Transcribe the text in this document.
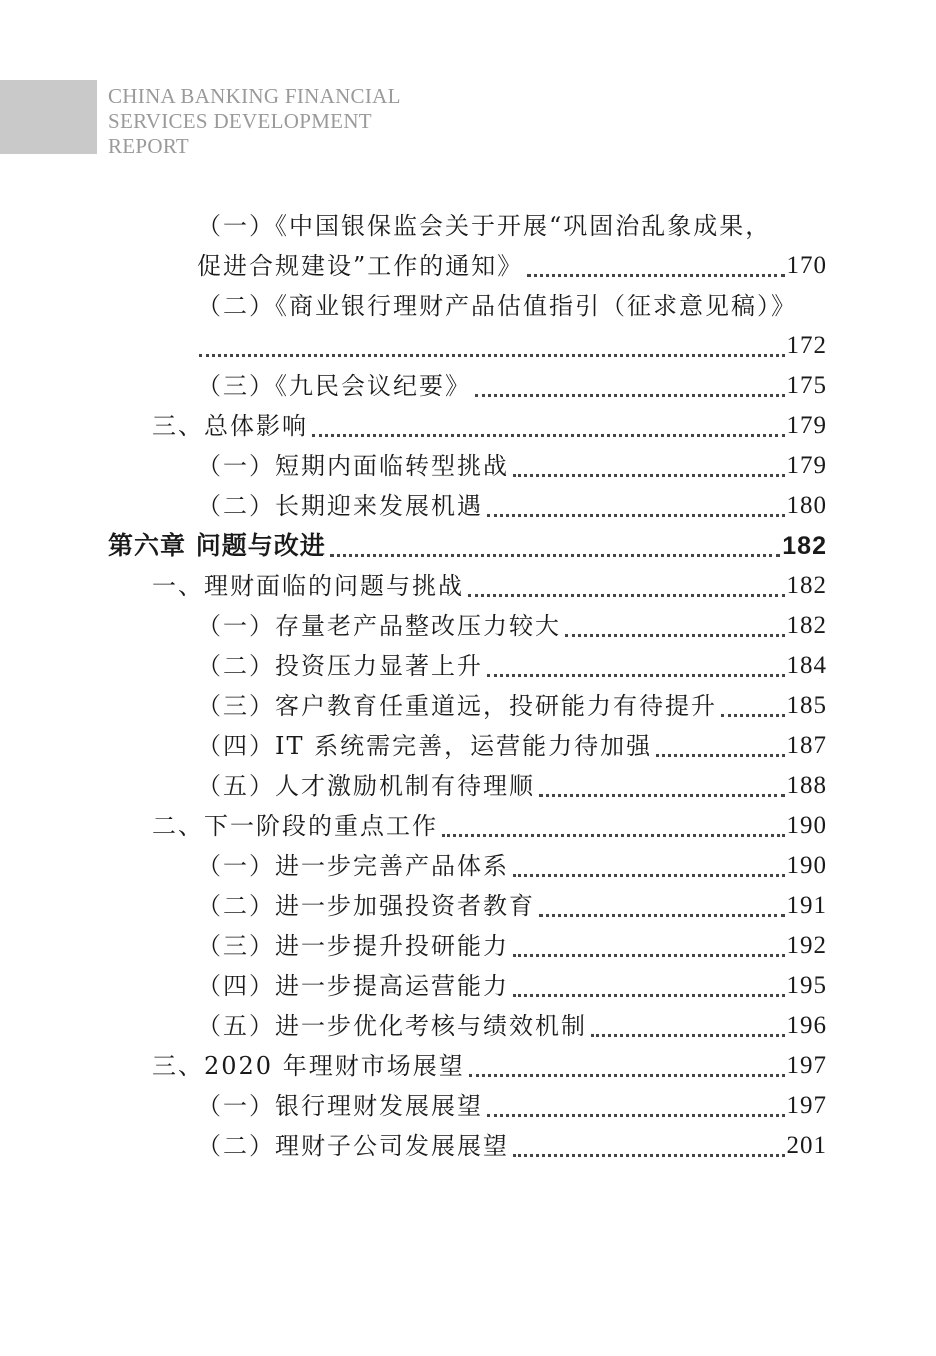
CHINA BANKING FINANCIAL
SERVICES DEVELOPMENT
REPORT
（一）《中国银保监会关于开展“巩固治乱象成果，
促进合规建设”工作的通知》	170
（二）《商业银行理财产品估值指引（征求意见稿）》
172
（三）《九民会议纪要》	175
三、总体影响	179
（一）短期内面临转型挑战	179
（二）长期迎来发展机遇	180
第六章 问题与改进	182
一、理财面临的问题与挑战	182
（一）存量老产品整改压力较大	182
（二）投资压力显著上升	184
（三）客户教育任重道远，投研能力有待提升	185
（四）IT 系统需完善，运营能力待加强	187
（五）人才激励机制有待理顺	188
二、下一阶段的重点工作	190
（一）进一步完善产品体系	190
（二）进一步加强投资者教育	191
（三）进一步提升投研能力	192
（四）进一步提高运营能力	195
（五）进一步优化考核与绩效机制	196
三、2020 年理财市场展望	197
（一）银行理财发展展望	197
（二）理财子公司发展展望	201
